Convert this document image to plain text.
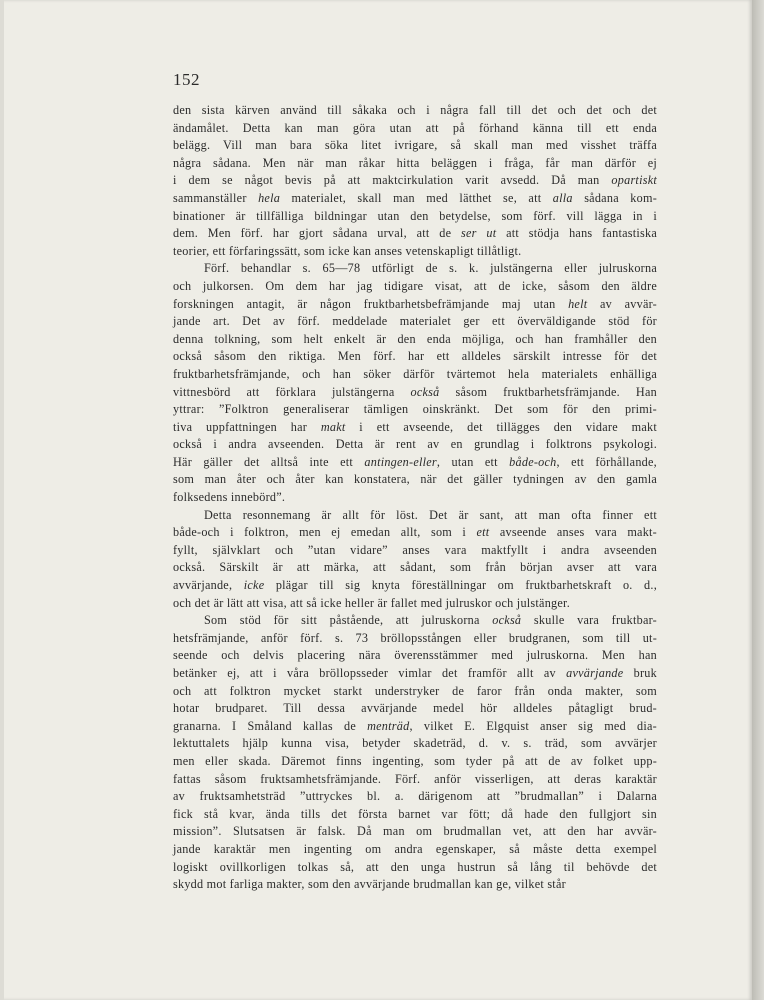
152
den sista kärven använd till såkaka och i några fall till det och det och det
ändamålet. Detta kan man göra utan att på förhand känna till ett enda
belägg. Vill man bara söka litet ivrigare, så skall man med visshet träffa
några sådana. Men när man råkar hitta beläggen i fråga, får man därför ej
i dem se något bevis på att maktcirkulation varit avsedd. Då man opartiskt
sammanställer hela materialet, skall man med lätthet se, att alla sådana kom-
binationer är tillfälliga bildningar utan den betydelse, som förf. vill lägga in i
dem. Men förf. har gjort sådana urval, att de ser ut att stödja hans fantastiska
teorier, ett förfaringssätt, som icke kan anses vetenskapligt tillåtligt.
Förf. behandlar s. 65—78 utförligt de s. k. julstängerna eller julruskorna
och julkorsen. Om dem har jag tidigare visat, att de icke, såsom den äldre
forskningen antagit, är någon fruktbarhetsbefrämjande maj utan helt av avvär-
jande art. Det av förf. meddelade materialet ger ett överväldigande stöd för
denna tolkning, som helt enkelt är den enda möjliga, och han framhåller den
också såsom den riktiga. Men förf. har ett alldeles särskilt intresse för det
fruktbarhetsfrämjande, och han söker därför tvärtemot hela materialets enhälliga
vittnesbörd att förklara julstängerna också såsom fruktbarhetsfrämjande. Han
yttrar: ”Folktron generaliserar tämligen oinskränkt. Det som för den primi-
tiva uppfattningen har makt i ett avseende, det tillägges den vidare makt
också i andra avseenden. Detta är rent av en grundlag i folktrons psykologi.
Här gäller det alltså inte ett antingen-eller, utan ett både-och, ett förhållande,
som man åter och åter kan konstatera, när det gäller tydningen av den gamla
folksedens innebörd”.
Detta resonnemang är allt för löst. Det är sant, att man ofta finner ett
både-och i folktron, men ej emedan allt, som i ett avseende anses vara makt-
fyllt, självklart och ”utan vidare” anses vara maktfyllt i andra avseenden
också. Särskilt är att märka, att sådant, som från början avser att vara
avvärjande, icke plägar till sig knyta föreställningar om fruktbarhetskraft o. d.,
och det är lätt att visa, att så icke heller är fallet med julruskor och julstänger.
Som stöd för sitt påstående, att julruskorna också skulle vara fruktbar-
hetsfrämjande, anför förf. s. 73 bröllopsstången eller brudgranen, som till ut-
seende och delvis placering nära överensstämmer med julruskorna. Men han
betänker ej, att i våra bröllopsseder vimlar det framför allt av avvärjande bruk
och att folktron mycket starkt understryker de faror från onda makter, som
hotar brudparet. Till dessa avvärjande medel hör alldeles påtagligt brud-
granarna. I Småland kallas de menträd, vilket E. Elgquist anser sig med dia-
lektuttalets hjälp kunna visa, betyder skadeträd, d. v. s. träd, som avvärjer
men eller skada. Däremot finns ingenting, som tyder på att de av folket upp-
fattas såsom fruktsamhetsfrämjande. Förf. anför visserligen, att deras karaktär
av fruktsamhetsträd ”uttryckes bl. a. därigenom att ”brudmallan” i Dalarna
fick stå kvar, ända tills det första barnet var fött; då hade den fullgjort sin
mission”. Slutsatsen är falsk. Då man om brudmallan vet, att den har avvär-
jande karaktär men ingenting om andra egenskaper, så måste detta exempel
logiskt ovillkorligen tolkas så, att den unga hustrun så lång til behövde det
skydd mot farliga makter, som den avvärjande brudmallan kan ge, vilket står
